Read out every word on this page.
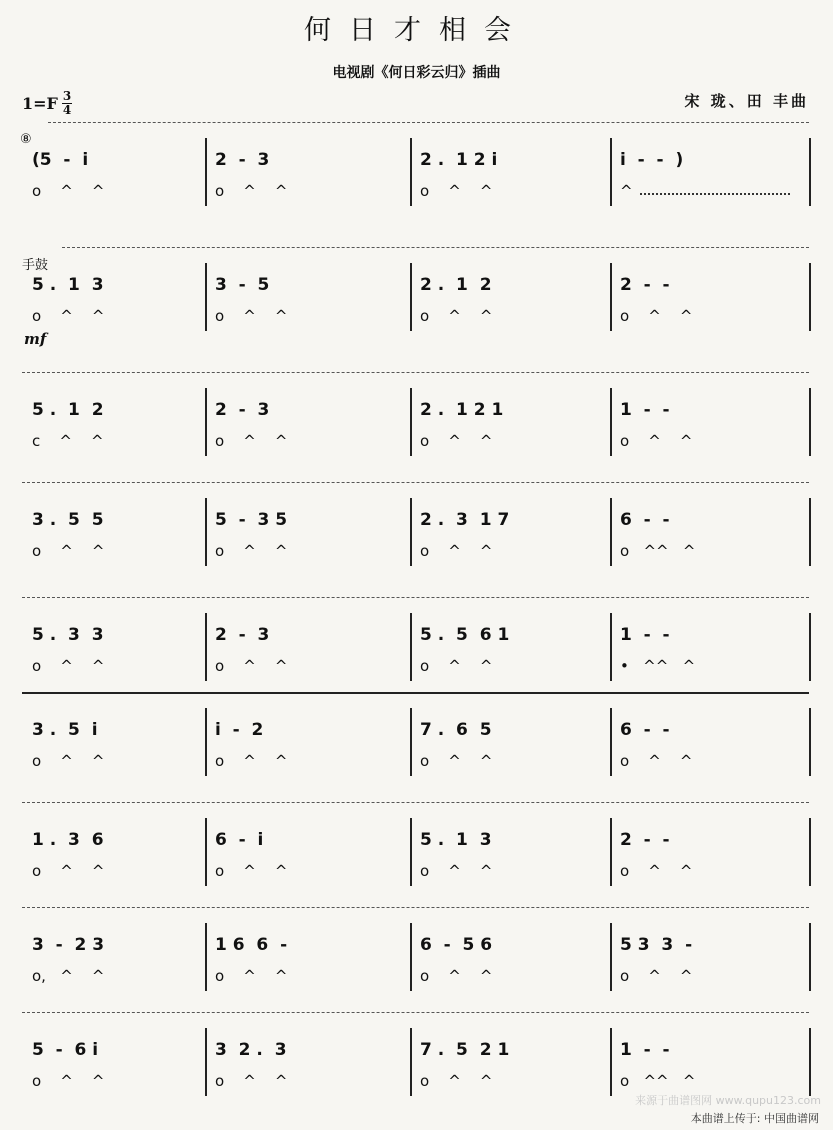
何日才相会
电视剧《何日彩云归》插曲
1=F 3
4	宋 珑、田 丰曲
⑧
手鼓
mf
(5  -  i
o    ^    ^
2  -  3
o    ^    ^
2 .  1 2 i
o    ^    ^
i  -  -  )
^
5 .  1  3
o    ^    ^
3  -  5
o    ^    ^
2 .  1  2
o    ^    ^
2  -  -
o    ^    ^
5 .  1  2
c    ^    ^
2  -  3
o    ^    ^
2 .  1 2 1
o    ^    ^
1  -  -
o    ^    ^
3 .  5  5
o    ^    ^
5  -  3 5
o    ^    ^
2 .  3  1 7
o    ^    ^
6  -  -
o   ^^   ^
5 .  3  3
o    ^    ^
2  -  3
o    ^    ^
5 .  5  6 1
o    ^    ^
1  -  -
•   ^^   ^
3 .  5  i
o    ^    ^
i  -  2
o    ^    ^
7 .  6  5
o    ^    ^
6  -  -
o    ^    ^
1 .  3  6
o    ^    ^
6  -  i
o    ^    ^
5 .  1  3
o    ^    ^
2  -  -
o    ^    ^
3  -  2 3
o,   ^    ^
1 6  6  -
o    ^    ^
6  -  5 6
o    ^    ^
5 3  3  -
o    ^    ^
5  -  6 i
o    ^    ^
3  2 .  3
o    ^    ^
7 .  5  2 1
o    ^    ^
1  -  -
o   ^^   ^
本曲谱上传于: 中国曲谱网
来源于曲谱图网 www.qupu123.com
